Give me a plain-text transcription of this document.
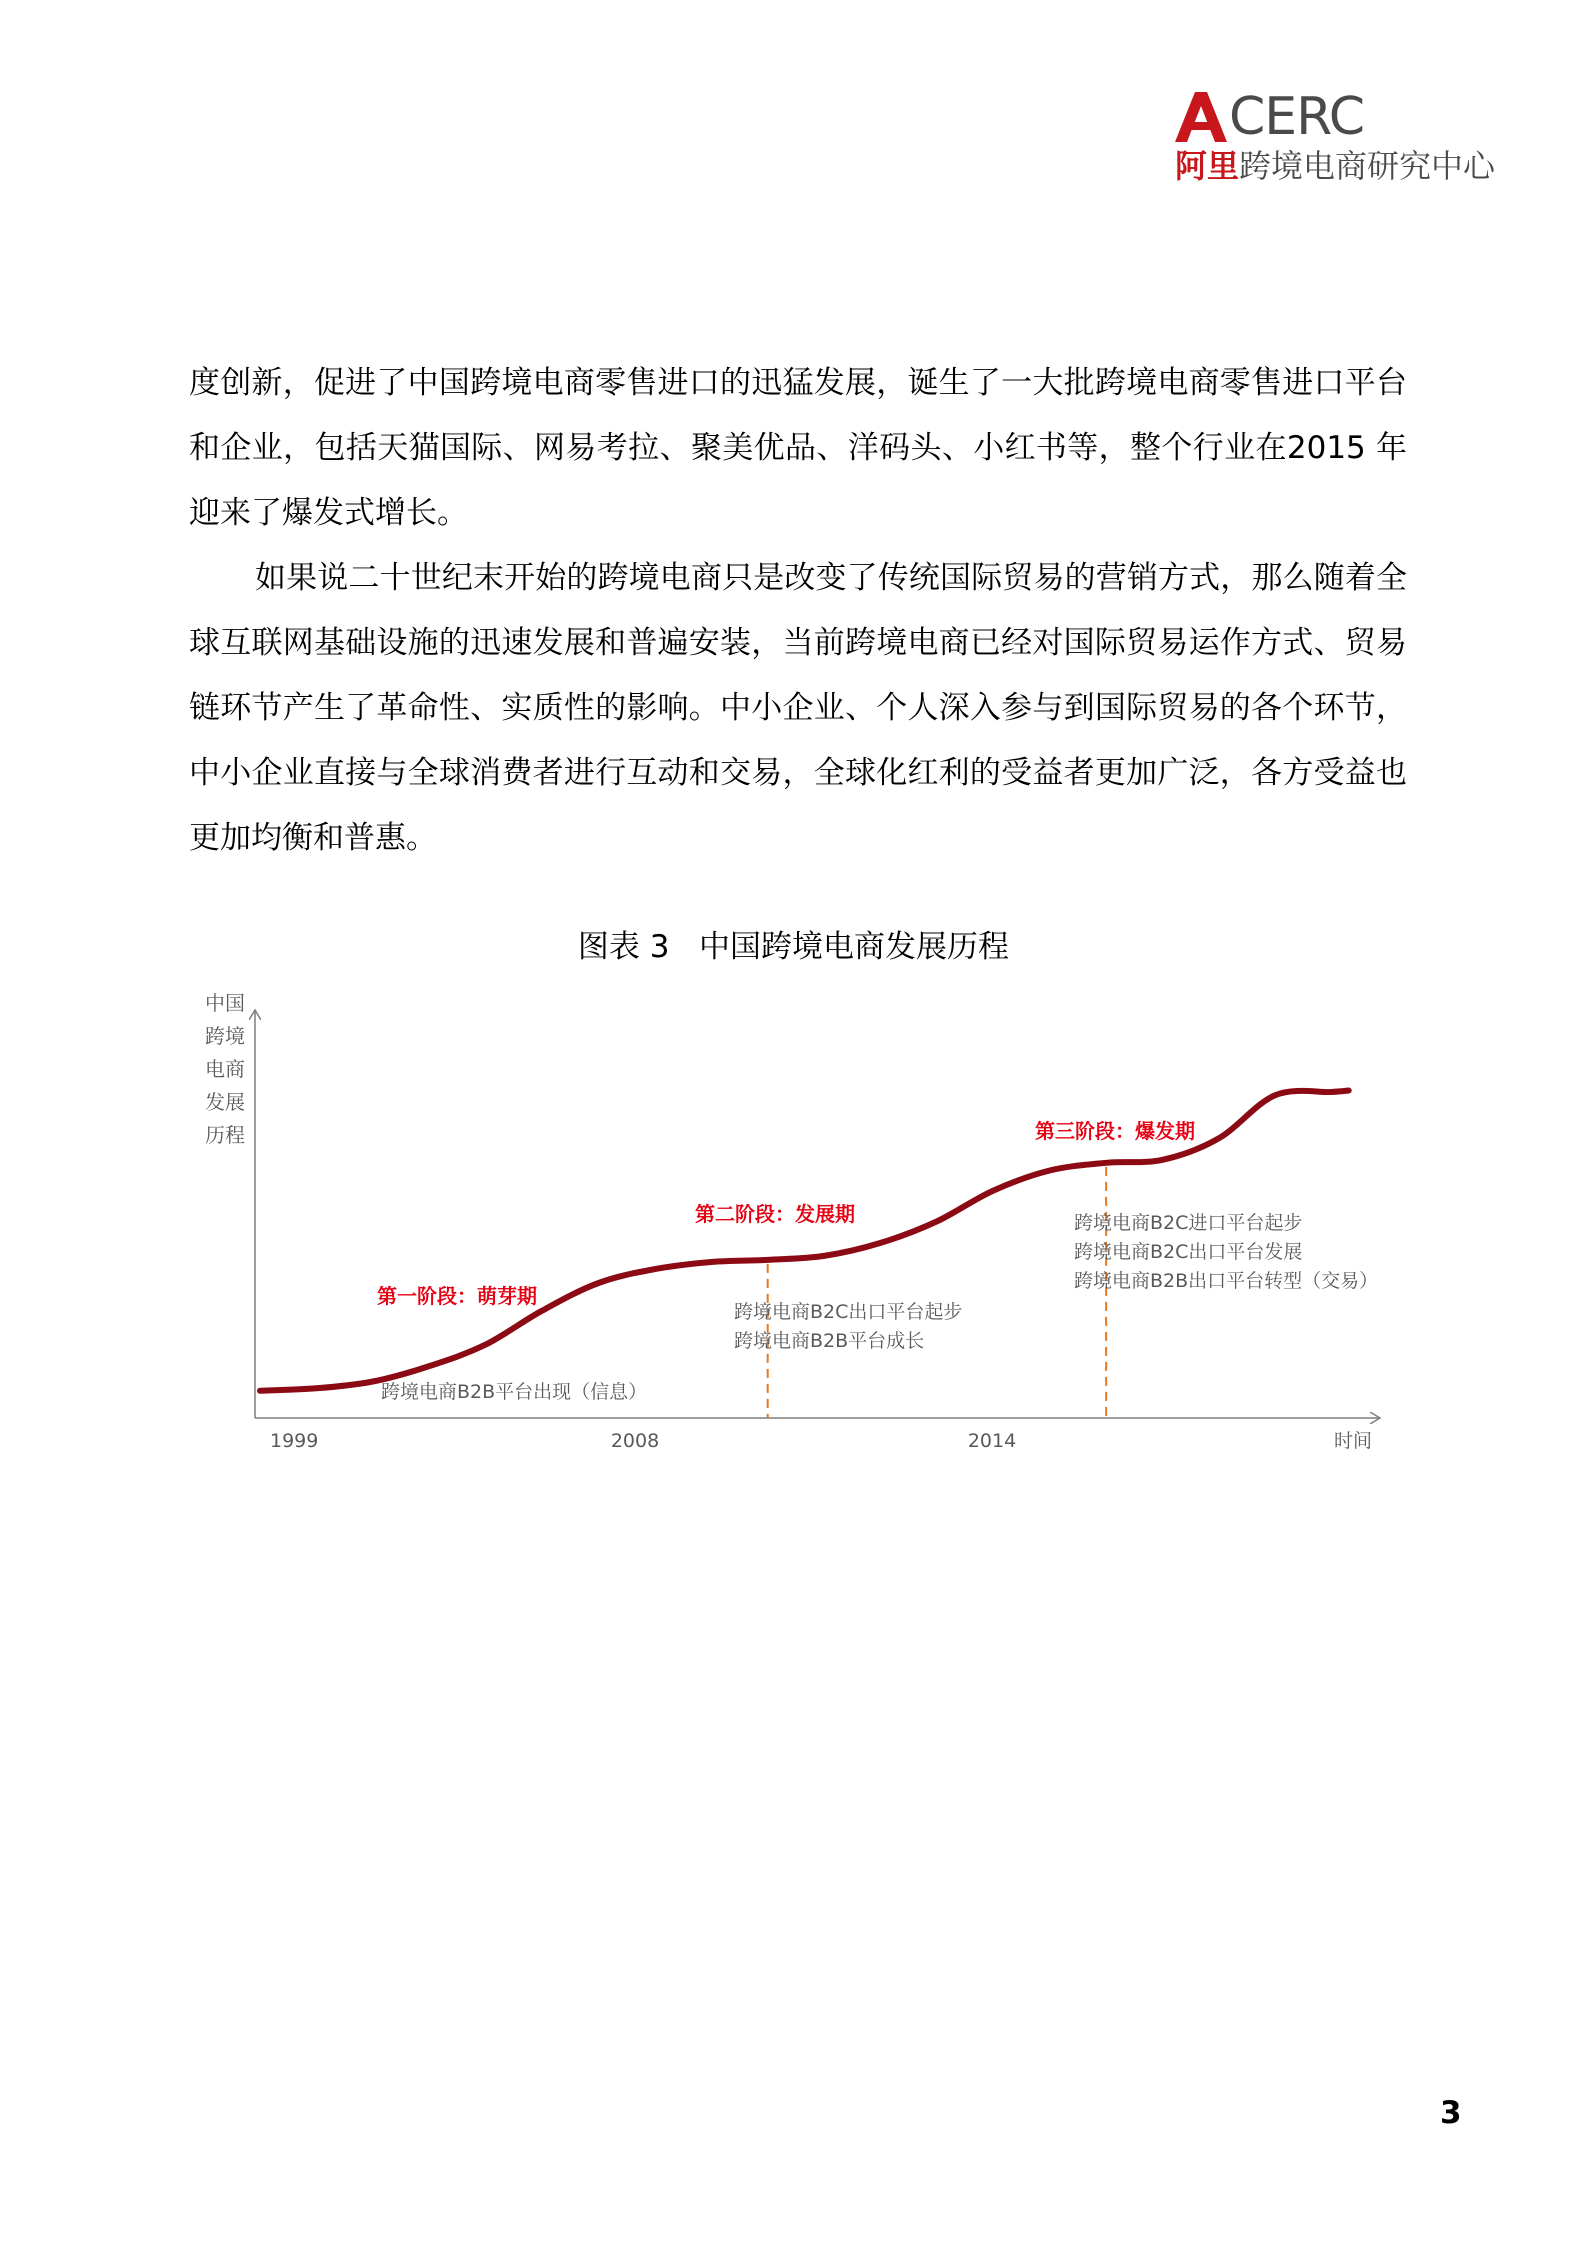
CERC
阿里跨境电商研究中心

度创新，促进了中国跨境电商零售进口的迅猛发展，诞生了一大批跨境电商零售进口平台和企业，包括天猫国际、网易考拉、聚美优品、洋码头、小红书等，整个行业在2015 年迎来了爆发式增长。

如果说二十世纪末开始的跨境电商只是改变了传统国际贸易的营销方式，那么随着全球互联网基础设施的迅速发展和普遍安装，当前跨境电商已经对国际贸易运作方式、贸易链环节产生了革命性、实质性的影响。中小企业、个人深入参与到国际贸易的各个环节，中小企业直接与全球消费者进行互动和交易，全球化红利的受益者更加广泛，各方受益也更加均衡和普惠。

图表 3   中国跨境电商发展历程
中国
跨境
电商
发展
历程
1999	2008	2014	时间
第一阶段：萌芽期
跨境电商B2B平台出现（信息）
第二阶段：发展期
跨境电商B2C出口平台起步
跨境电商B2B平台成长
第三阶段：爆发期
跨境电商B2C进口平台起步
跨境电商B2C出口平台发展
跨境电商B2B出口平台转型（交易）
3
